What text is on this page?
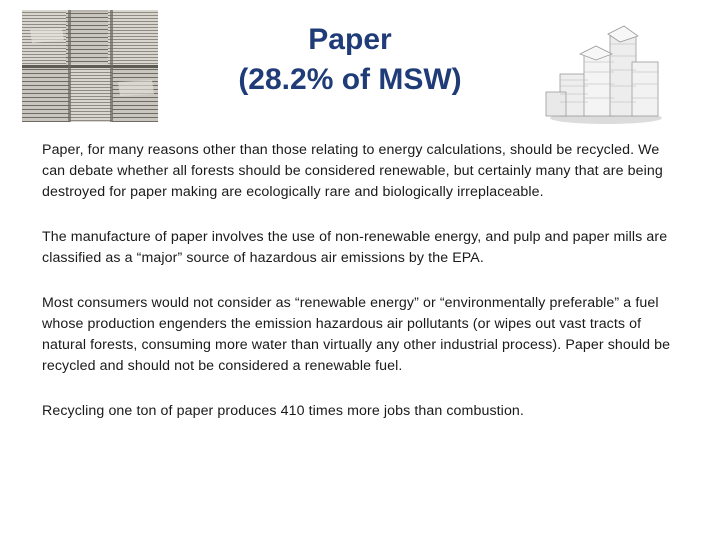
Paper
(28.2% of MSW)

Paper, for many reasons other than those relating to energy calculations, should be recycled. We can debate whether all forests should be considered renewable, but certainly many that are being destroyed for paper making are ecologically rare and biologically irreplaceable.

The manufacture of paper involves the use of non-renewable energy, and pulp and paper mills are classified as a “major” source of hazardous air emissions by the EPA.

Most consumers would not consider as “renewable energy” or “environmentally preferable” a fuel whose production engenders the emission hazardous air pollutants (or wipes out vast tracts of natural forests, consuming more water than virtually any other industrial process). Paper should be recycled and should not be considered a renewable fuel.

Recycling one ton of paper produces 410 times more jobs than combustion.
